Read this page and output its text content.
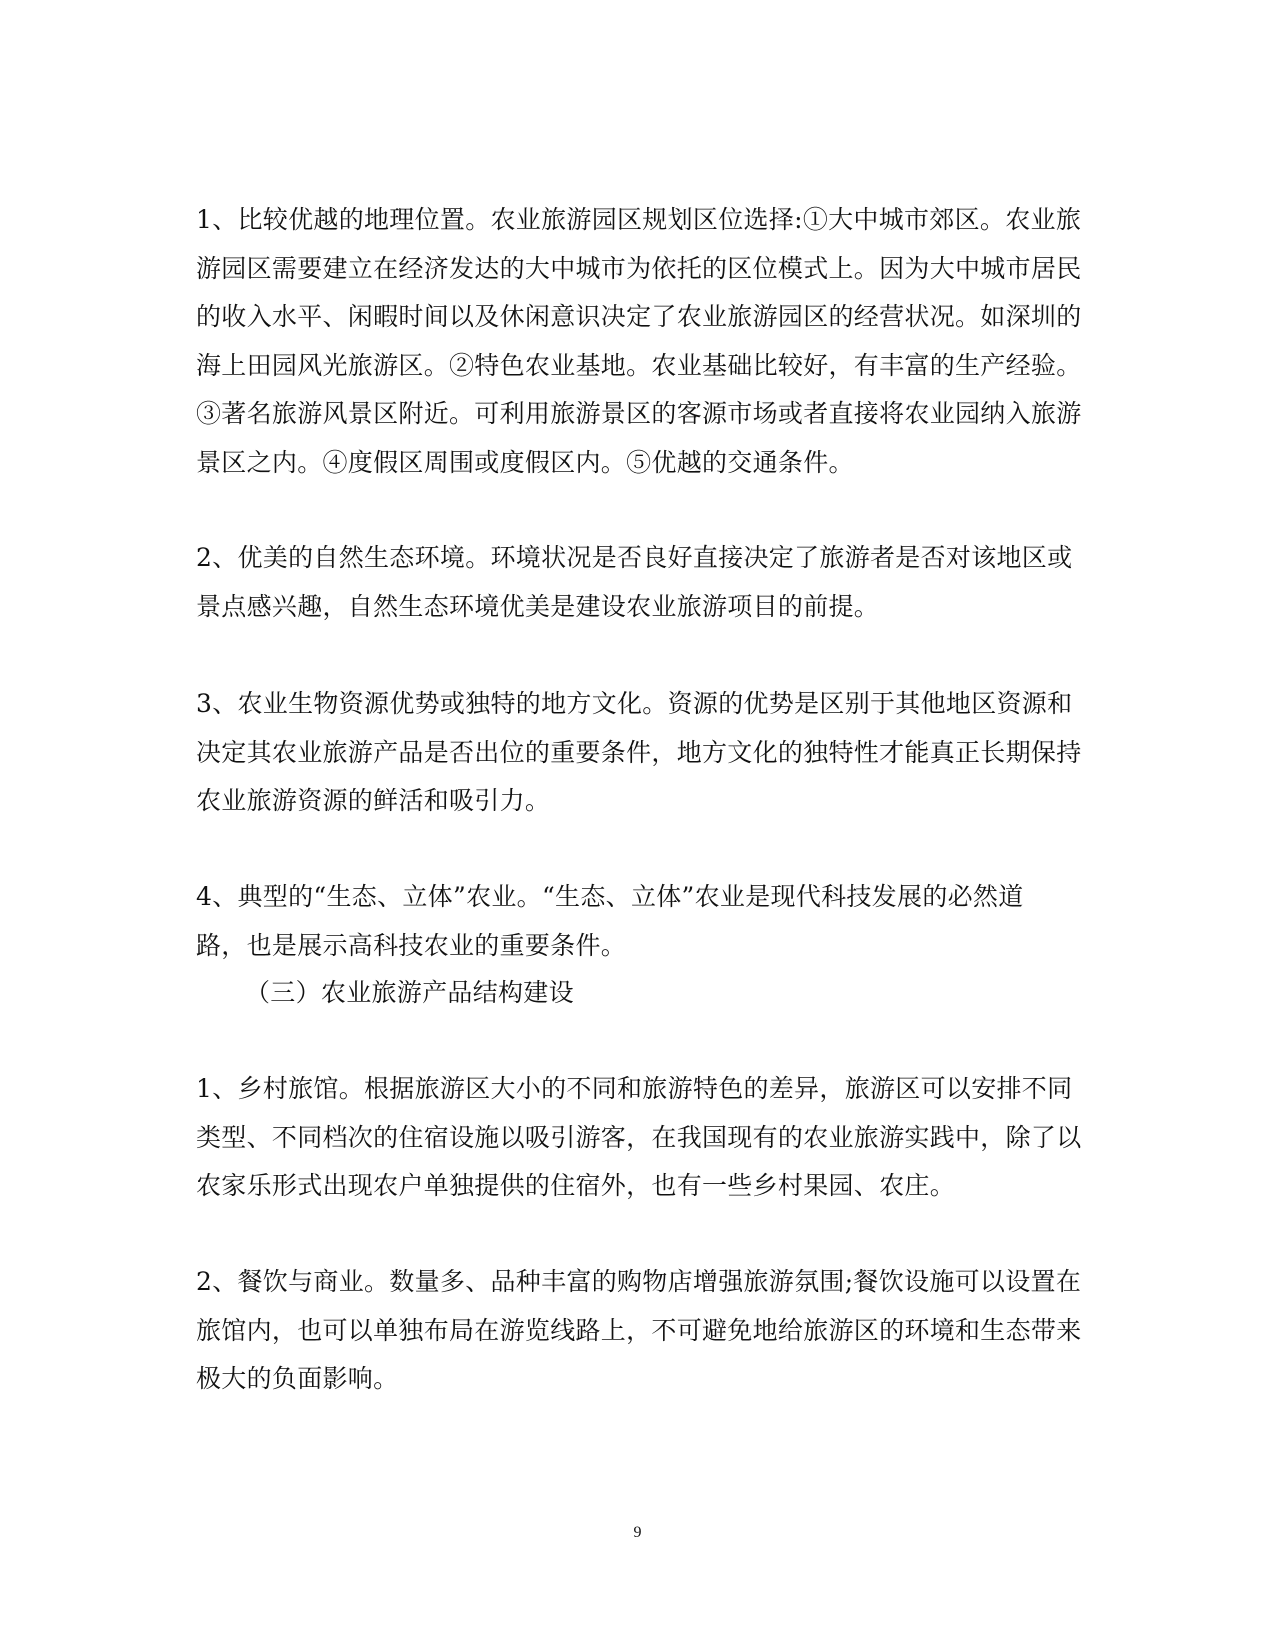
1、比较优越的地理位置。农业旅游园区规划区位选择:①大中城市郊区。农业旅
游园区需要建立在经济发达的大中城市为依托的区位模式上。因为大中城市居民
的收入水平、闲暇时间以及休闲意识决定了农业旅游园区的经营状况。如深圳的
海上田园风光旅游区。②特色农业基地。农业基础比较好，有丰富的生产经验。
③著名旅游风景区附近。可利用旅游景区的客源市场或者直接将农业园纳入旅游
景区之内。④度假区周围或度假区内。⑤优越的交通条件。
2、优美的自然生态环境。环境状况是否良好直接决定了旅游者是否对该地区或
景点感兴趣，自然生态环境优美是建设农业旅游项目的前提。
3、农业生物资源优势或独特的地方文化。资源的优势是区别于其他地区资源和
决定其农业旅游产品是否出位的重要条件，地方文化的独特性才能真正长期保持
农业旅游资源的鲜活和吸引力。
4、典型的“生态、立体”农业。“生态、立体”农业是现代科技发展的必然道
路，也是展示高科技农业的重要条件。
（三）农业旅游产品结构建设
1、乡村旅馆。根据旅游区大小的不同和旅游特色的差异，旅游区可以安排不同
类型、不同档次的住宿设施以吸引游客，在我国现有的农业旅游实践中，除了以
农家乐形式出现农户单独提供的住宿外，也有一些乡村果园、农庄。
2、餐饮与商业。数量多、品种丰富的购物店增强旅游氛围;餐饮设施可以设置在
旅馆内，也可以单独布局在游览线路上，不可避免地给旅游区的环境和生态带来
极大的负面影响。
9
